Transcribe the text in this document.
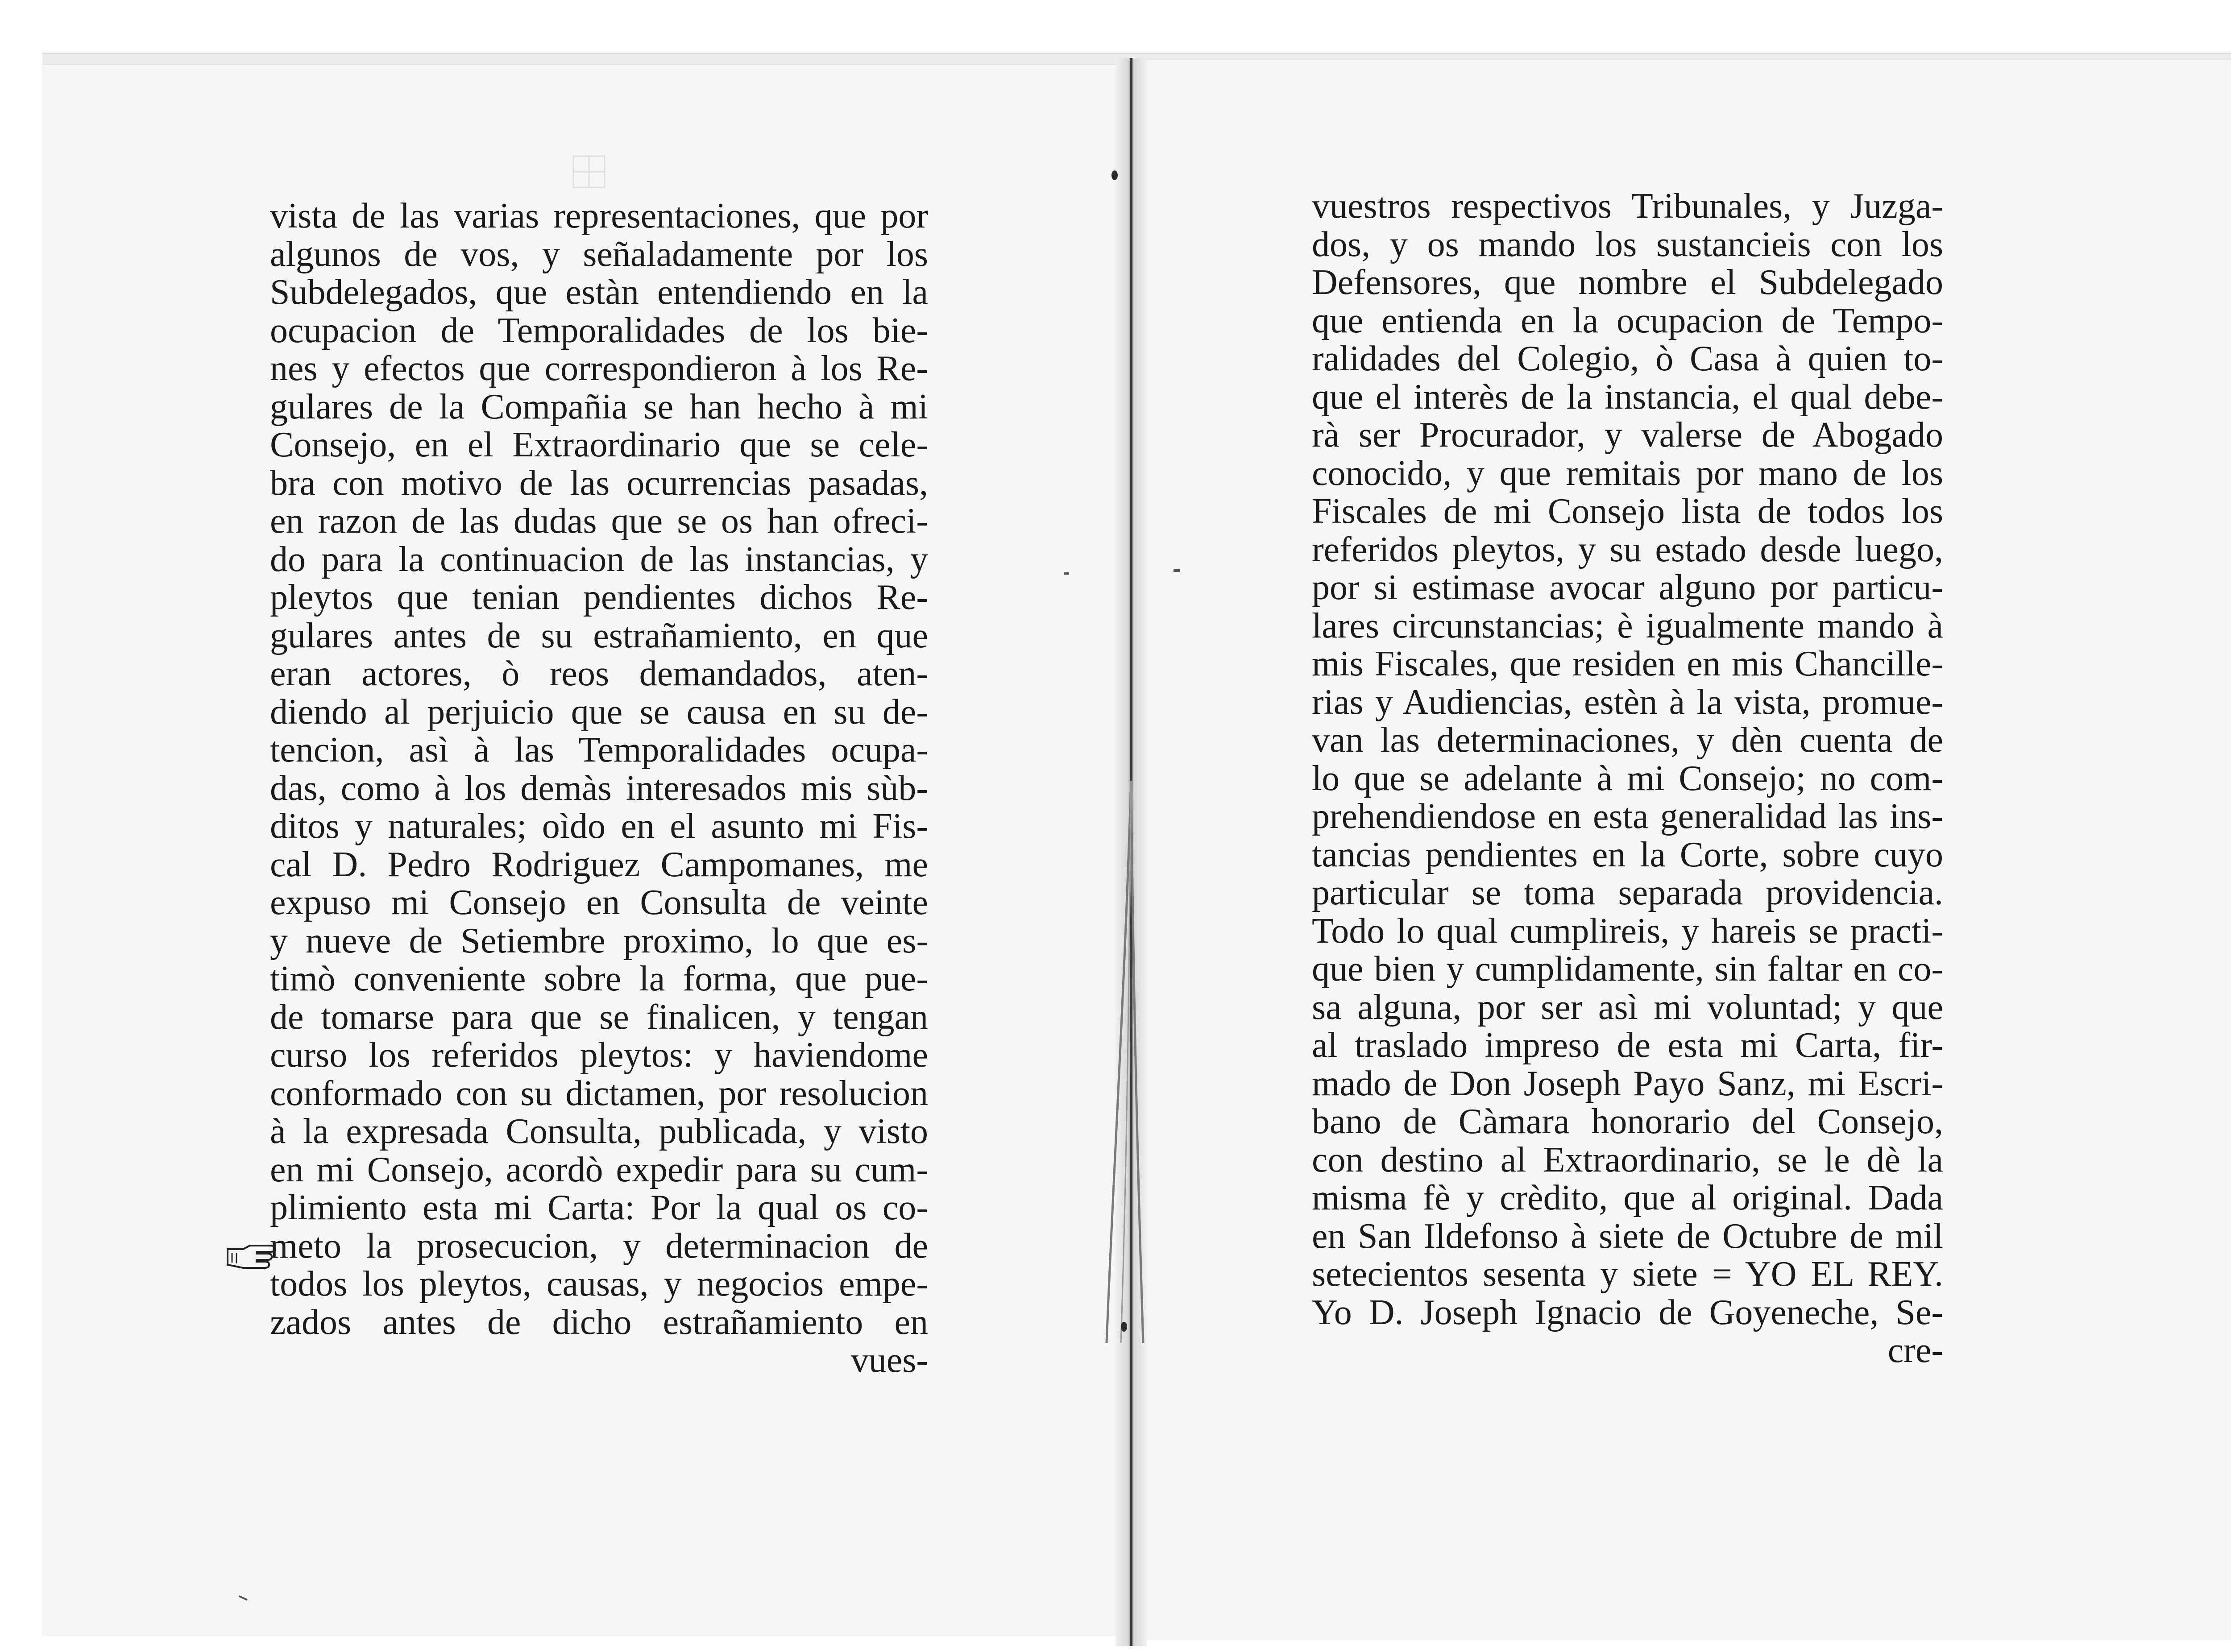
vista de las varias representaciones, que por
algunos de vos, y señaladamente por los
Subdelegados, que estàn entendiendo en la
ocupacion de Temporalidades de los bie-
nes y efectos que correspondieron à los Re-
gulares de la Compañia se han hecho à mi
Consejo, en el Extraordinario que se cele-
bra con motivo de las ocurrencias pasadas,
en razon de las dudas que se os han ofreci-
do para la continuacion de las instancias, y
pleytos que tenian pendientes dichos Re-
gulares antes de su estrañamiento, en que
eran actores, ò reos demandados, aten-
diendo al perjuicio que se causa en su de-
tencion, asì à las Temporalidades ocupa-
das, como à los demàs interesados mis sùb-
ditos y naturales; oìdo en el asunto mi Fis-
cal D. Pedro Rodriguez Campomanes, me
expuso mi Consejo en Consulta de veinte
y nueve de Setiembre proximo, lo que es-
timò conveniente sobre la forma, que pue-
de tomarse para que se finalicen, y tengan
curso los referidos pleytos: y haviendome
conformado con su dictamen, por resolucion
à la expresada Consulta, publicada, y visto
en mi Consejo, acordò expedir para su cum-
plimiento esta mi Carta: Por la qual os co-
meto la prosecucion, y determinacion de
todos los pleytos, causas, y negocios empe-
zados antes de dicho estrañamiento en
vues-
vuestros respectivos Tribunales, y Juzga-
dos, y os mando los sustancieis con los
Defensores, que nombre el Subdelegado
que entienda en la ocupacion de Tempo-
ralidades del Colegio, ò Casa à quien to-
que el interès de la instancia, el qual debe-
rà ser Procurador, y valerse de Abogado
conocido, y que remitais por mano de los
Fiscales de mi Consejo lista de todos los
referidos pleytos, y su estado desde luego,
por si estimase avocar alguno por particu-
lares circunstancias; è igualmente mando à
mis Fiscales, que residen en mis Chancille-
rias y Audiencias, estèn à la vista, promue-
van las determinaciones, y dèn cuenta de
lo que se adelante à mi Consejo; no com-
prehendiendose en esta generalidad las ins-
tancias pendientes en la Corte, sobre cuyo
particular se toma separada providencia.
Todo lo qual cumplireis, y hareis se practi-
que bien y cumplidamente, sin faltar en co-
sa alguna, por ser asì mi voluntad; y que
al traslado impreso de esta mi Carta, fir-
mado de Don Joseph Payo Sanz, mi Escri-
bano de Càmara honorario del Consejo,
con destino al Extraordinario, se le dè la
misma fè y crèdito, que al original. Dada
en San Ildefonso à siete de Octubre de mil
setecientos sesenta y siete = YO EL REY.
Yo D. Joseph Ignacio de Goyeneche, Se-
cre-
